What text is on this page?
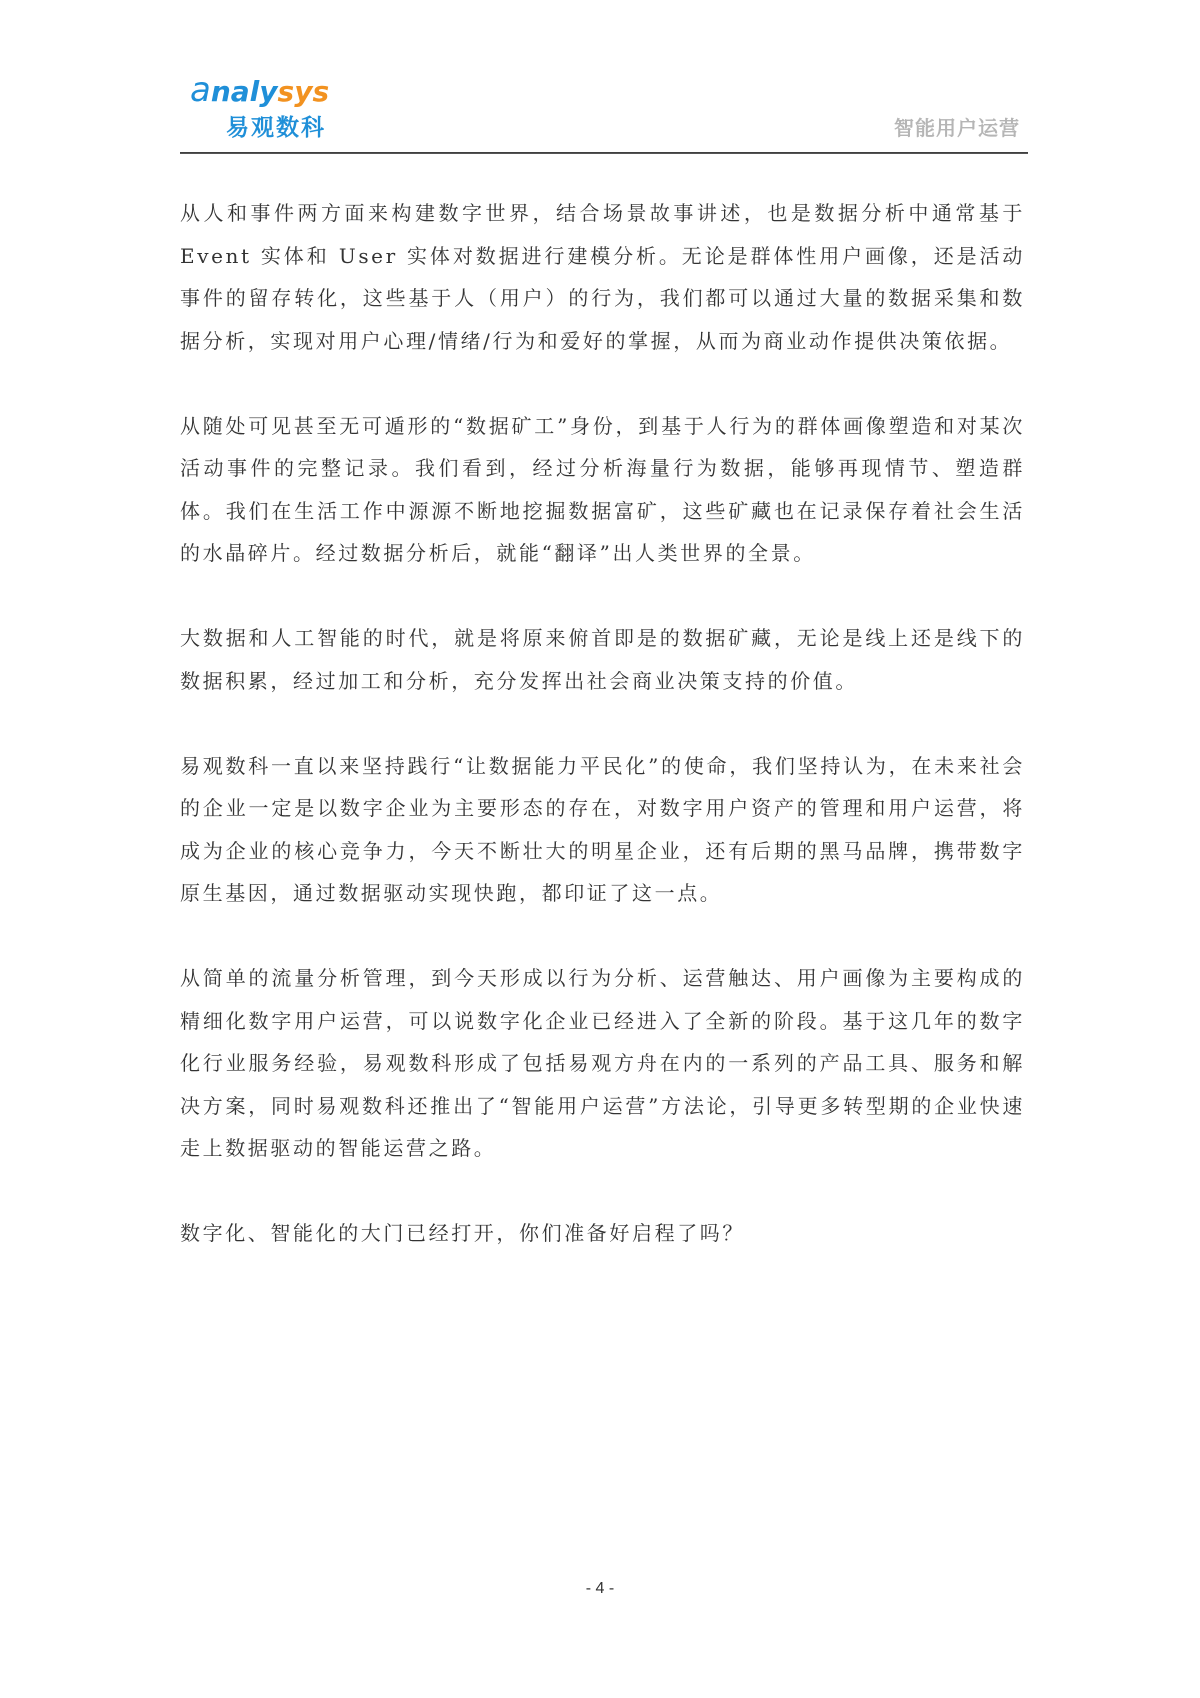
analysys
易观数科	智能用户运营

从人和事件两方面来构建数字世界，结合场景故事讲述，也是数据分析中通常基于 Event 实体和 User 实体对数据进行建模分析。无论是群体性用户画像，还是活动事件的留存转化，这些基于人（用户）的行为，我们都可以通过大量的数据采集和数据分析，实现对用户心理/情绪/行为和爱好的掌握，从而为商业动作提供决策依据。

从随处可见甚至无可遁形的“数据矿工”身份，到基于人行为的群体画像塑造和对某次活动事件的完整记录。我们看到，经过分析海量行为数据，能够再现情节、塑造群体。我们在生活工作中源源不断地挖掘数据富矿，这些矿藏也在记录保存着社会生活的水晶碎片。经过数据分析后，就能“翻译”出人类世界的全景。

大数据和人工智能的时代，就是将原来俯首即是的数据矿藏，无论是线上还是线下的数据积累，经过加工和分析，充分发挥出社会商业决策支持的价值。

易观数科一直以来坚持践行“让数据能力平民化”的使命，我们坚持认为，在未来社会的企业一定是以数字企业为主要形态的存在，对数字用户资产的管理和用户运营，将成为企业的核心竞争力，今天不断壮大的明星企业，还有后期的黑马品牌，携带数字原生基因，通过数据驱动实现快跑，都印证了这一点。

从简单的流量分析管理，到今天形成以行为分析、运营触达、用户画像为主要构成的精细化数字用户运营，可以说数字化企业已经进入了全新的阶段。基于这几年的数字化行业服务经验，易观数科形成了包括易观方舟在内的一系列的产品工具、服务和解决方案，同时易观数科还推出了“智能用户运营”方法论，引导更多转型期的企业快速走上数据驱动的智能运营之路。

数字化、智能化的大门已经打开，你们准备好启程了吗？

- 4 -
